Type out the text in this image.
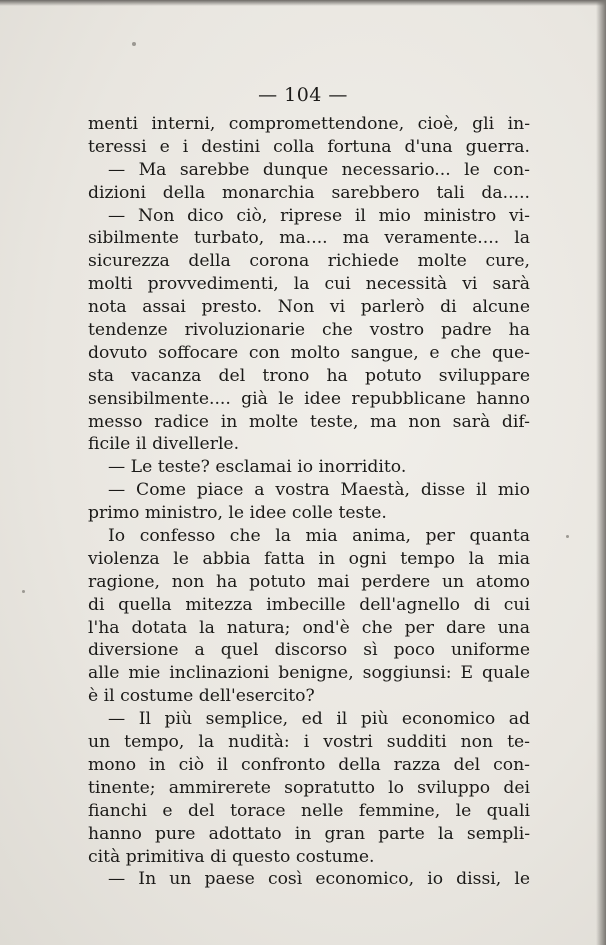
— 104 —
menti interni, compromettendone, cioè, gli in-
teressi e i destini colla fortuna d'una guerra.
— Ma sarebbe dunque necessario... le con-
dizioni della monarchia sarebbero tali da.....
— Non dico ciò, riprese il mio ministro vi-
sibilmente turbato, ma.... ma veramente.... la
sicurezza della corona richiede molte cure,
molti provvedimenti, la cui necessità vi sarà
nota assai presto. Non vi parlerò di alcune
tendenze rivoluzionarie che vostro padre ha
dovuto soffocare con molto sangue, e che que-
sta vacanza del trono ha potuto sviluppare
sensibilmente.... già le idee repubblicane hanno
messo radice in molte teste, ma non sarà dif-
ficile il divellerle.
— Le teste? esclamai io inorridito.
— Come piace a vostra Maestà, disse il mio
primo ministro, le idee colle teste.
Io confesso che la mia anima, per quanta
violenza le abbia fatta in ogni tempo la mia
ragione, non ha potuto mai perdere un atomo
di quella mitezza imbecille dell'agnello di cui
l'ha dotata la natura; ond'è che per dare una
diversione a quel discorso sì poco uniforme
alle mie inclinazioni benigne, soggiunsi: E quale
è il costume dell'esercito?
— Il più semplice, ed il più economico ad
un tempo, la nudità: i vostri sudditi non te-
mono in ciò il confronto della razza del con-
tinente; ammirerete sopratutto lo sviluppo dei
fianchi e del torace nelle femmine, le quali
hanno pure adottato in gran parte la sempli-
cità primitiva di questo costume.
— In un paese così economico, io dissi, le
